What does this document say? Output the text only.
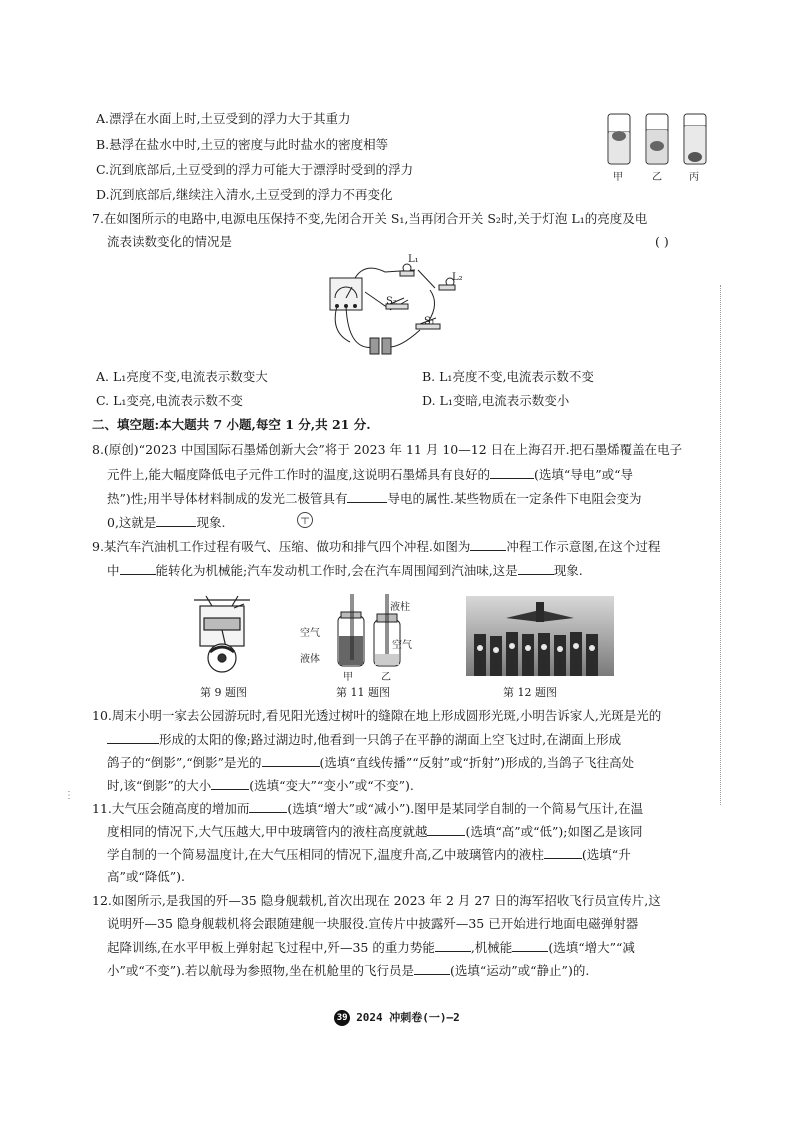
A.漂浮在水面上时,土豆受到的浮力大于其重力
B.悬浮在盐水中时,土豆的密度与此时盐水的密度相等
C.沉到底部后,土豆受到的浮力可能大于漂浮时受到的浮力
D.沉到底部后,继续注入清水,土豆受到的浮力不再变化
甲	乙	丙
7.在如图所示的电路中,电源电压保持不变,先闭合开关 S₁,当再闭合开关 S₂时,关于灯泡 L₁的亮度及电
流表读数变化的情况是	( )
L₁
L₂
S₂
S₁
A. L₁亮度不变,电流表示数变大	B. L₁亮度不变,电流表示数不变
C. L₁变亮,电流表示数不变	D. L₁变暗,电流表示数变小
二、填空题:本大题共 7 小题,每空 1 分,共 21 分.
8.(原创)“2023 中国国际石墨烯创新大会”将于 2023 年 11 月 10—12 日在上海召开.把石墨烯覆盖在电子
元件上,能大幅度降低电子元件工作时的温度,这说明石墨烯具有良好的	(选填“导电”或“导
热”)性;用半导体材料制成的发光二极管具有	导电的属性.某些物质在一定条件下电阻会变为
0,这就是	现象.
9.某汽车汽油机工作过程有吸气、压缩、做功和排气四个冲程.如图为	冲程工作示意图,在这个过程
中	能转化为机械能;汽车发动机工作时,会在汽车周围闻到汽油味,这是	现象.
空气
液体
液柱
空气
甲	乙
第 9 题图	第 11 题图	第 12 题图
10.周末小明一家去公园游玩时,看见阳光透过树叶的缝隙在地上形成圆形光斑,小明告诉家人,光斑是光的
形成的太阳的像;路过湖边时,他看到一只鸽子在平静的湖面上空飞过时,在湖面上形成
鸽子的“倒影”,“倒影”是光的	(选填“直线传播”“反射”或“折射”)形成的,当鸽子飞往高处
时,该“倒影”的大小	(选填“变大”“变小”或“不变”).
11.大气压会随高度的增加而	(选填“增大”或“减小”).图甲是某同学自制的一个简易气压计,在温
度相同的情况下,大气压越大,甲中玻璃管内的液柱高度就越	(选填“高”或“低”);如图乙是该同
学自制的一个简易温度计,在大气压相同的情况下,温度升高,乙中玻璃管内的液柱	(选填“升
高”或“降低”).
12.如图所示,是我国的歼—35 隐身舰载机,首次出现在 2023 年 2 月 27 日的海军招收飞行员宣传片,这
说明歼—35 隐身舰载机将会跟随建舰一块服役.宣传片中披露歼—35 已开始进行地面电磁弹射器
起降训练,在水平甲板上弹射起飞过程中,歼—35 的重力势能	,机械能	(选填“增大”“减
小”或“不变”).若以航母为参照物,坐在机舱里的飞行员是	(选填“运动”或“静止”)的.
⋮
39 2024 冲刺卷(一)—2
